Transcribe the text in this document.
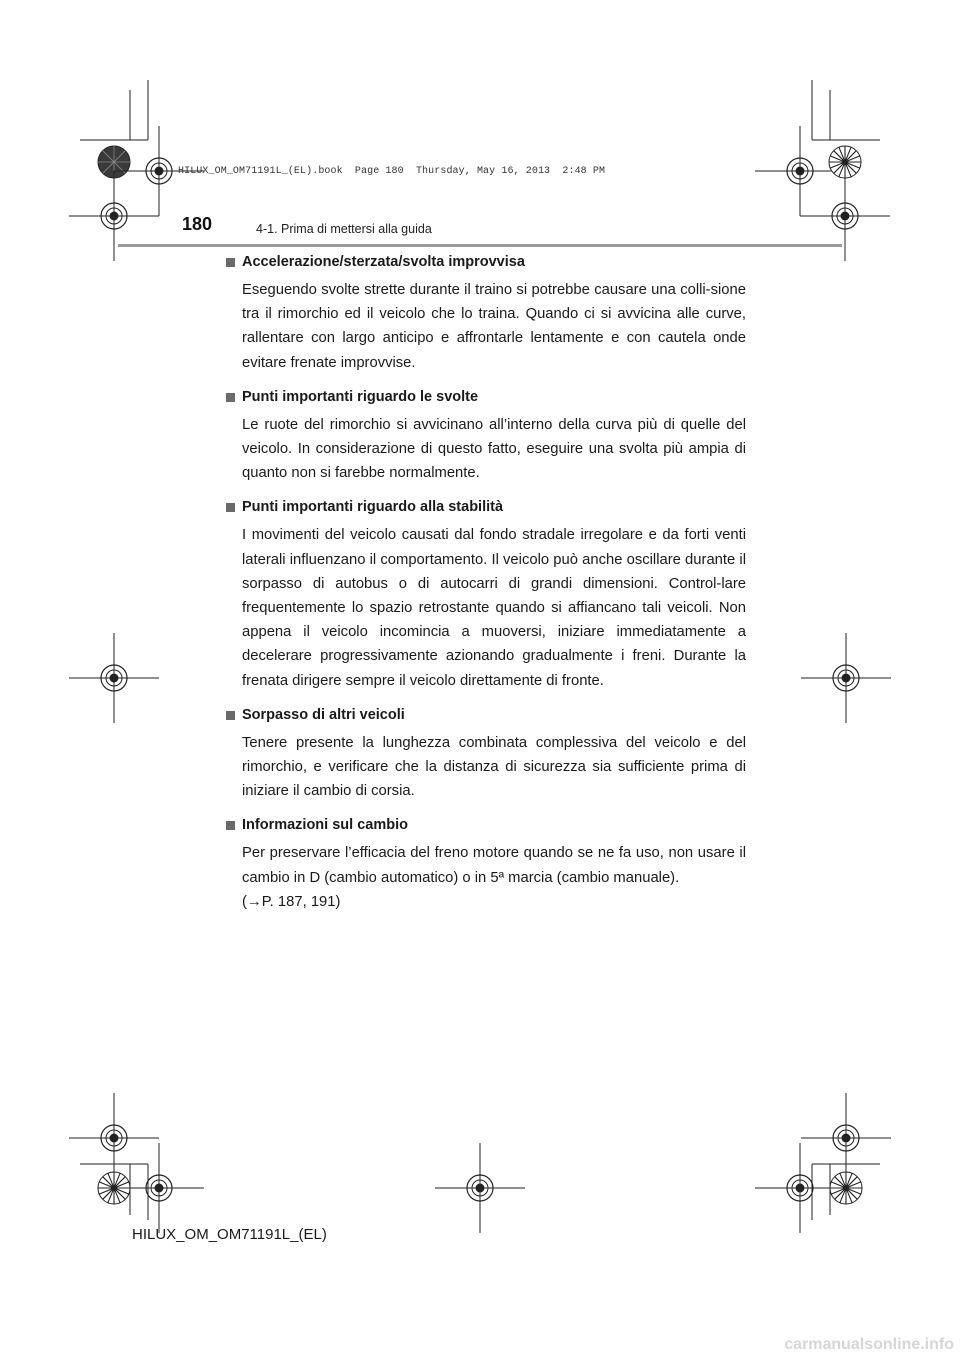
HILUX_OM_OM71191L_(EL).book  Page 180  Thursday, May 16, 2013  2:48 PM
180	4-1. Prima di mettersi alla guida

Accelerazione/sterzata/svolta improvvisa

Eseguendo svolte strette durante il traino si potrebbe causare una colli-sione tra il rimorchio ed il veicolo che lo traina. Quando ci si avvicina alle curve, rallentare con largo anticipo e affrontarle lentamente e con cautela onde evitare frenate improvvise.

Punti importanti riguardo le svolte

Le ruote del rimorchio si avvicinano all’interno della curva più di quelle del veicolo. In considerazione di questo fatto, eseguire una svolta più ampia di quanto non si farebbe normalmente.

Punti importanti riguardo alla stabilità

I movimenti del veicolo causati dal fondo stradale irregolare e da forti venti laterali influenzano il comportamento. Il veicolo può anche oscillare durante il sorpasso di autobus o di autocarri di grandi dimensioni. Control-lare frequentemente lo spazio retrostante quando si affiancano tali veicoli. Non appena il veicolo incomincia a muoversi, iniziare immediatamente a decelerare progressivamente azionando gradualmente i freni. Durante la frenata dirigere sempre il veicolo direttamente di fronte.

Sorpasso di altri veicoli

Tenere presente la lunghezza combinata complessiva del veicolo e del rimorchio, e verificare che la distanza di sicurezza sia sufficiente prima di iniziare il cambio di corsia.

Informazioni sul cambio

Per preservare l’efficacia del freno motore quando se ne fa uso, non usare il cambio in D (cambio automatico) o in 5ª marcia (cambio manuale).

(→P. 187, 191)

HILUX_OM_OM71191L_(EL)
carmanualsonline.info
